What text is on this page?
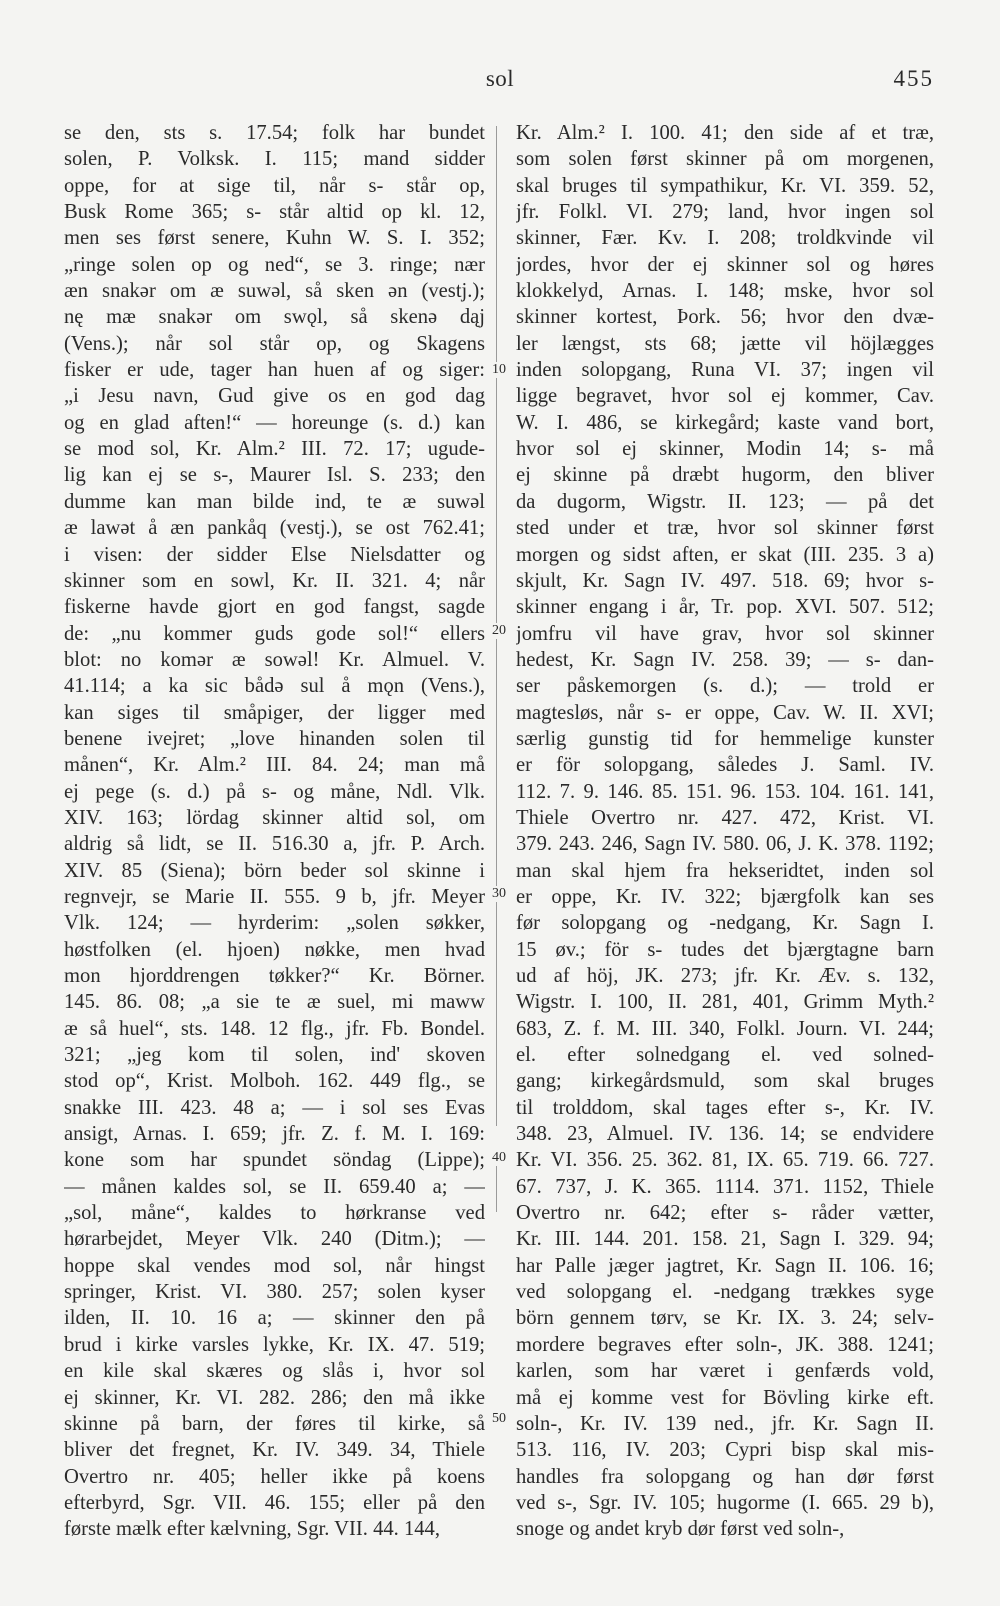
sol	455
10
20
30
40
50
se den, sts s. 17.54; folk har bundet
solen, P. Volksk. I. 115; mand sidder
oppe, for at sige til, når s- står op,
Busk Rome 365; s- står altid op kl. 12,
men ses først senere, Kuhn W. S. I. 352;
„ringe solen op og ned“, se 3. ringe; nær
æn snakər om æ suwəl, så sken ən (vestj.);
nę mæ snakər om swǫl, så skenə dąj
(Vens.); når sol står op, og Skagens
fisker er ude, tager han huen af og siger:
„i Jesu navn, Gud give os en god dag
og en glad aften!“ — horeunge (s. d.) kan
se mod sol, Kr. Alm.² III. 72. 17; ugude-
lig kan ej se s-, Maurer Isl. S. 233; den
dumme kan man bilde ind, te æ suwəl
æ lawət å æn pankåq (vestj.), se ost 762.41;
i visen: der sidder Else Nielsdatter og
skinner som en sowl, Kr. II. 321. 4; når
fiskerne havde gjort en god fangst, sagde
de: „nu kommer guds gode sol!“ ellers
blot: no komər æ sowəl! Kr. Almuel. V.
41.114; a ka sic bådə sul å mǫn (Vens.),
kan siges til småpiger, der ligger med
benene ivejret; „love hinanden solen til
månen“, Kr. Alm.² III. 84. 24; man må
ej pege (s. d.) på s- og måne, Ndl. Vlk.
XIV. 163; lördag skinner altid sol, om
aldrig så lidt, se II. 516.30 a, jfr. P. Arch.
XIV. 85 (Siena); börn beder sol skinne i
regnvejr, se Marie II. 555. 9 b, jfr. Meyer
Vlk. 124; — hyrderim: „solen søkker,
høstfolken (el. hjoen) nøkke, men hvad
mon hjorddrengen tøkker?“ Kr. Börner.
145. 86. 08; „a sie te æ suel, mi maww
æ så huel“, sts. 148. 12 flg., jfr. Fb. Bondel.
321; „jeg kom til solen, ind' skoven
stod op“, Krist. Molboh. 162. 449 flg., se
snakke III. 423. 48 a; — i sol ses Evas
ansigt, Arnas. I. 659; jfr. Z. f. M. I. 169:
kone som har spundet söndag (Lippe);
— månen kaldes sol, se II. 659.40 a; —
„sol, måne“, kaldes to hørkranse ved
hørarbejdet, Meyer Vlk. 240 (Ditm.); —
hoppe skal vendes mod sol, når hingst
springer, Krist. VI. 380. 257; solen kyser
ilden, II. 10. 16 a; — skinner den på
brud i kirke varsles lykke, Kr. IX. 47. 519;
en kile skal skæres og slås i, hvor sol
ej skinner, Kr. VI. 282. 286; den må ikke
skinne på barn, der føres til kirke, så
bliver det fregnet, Kr. IV. 349. 34, Thiele
Overtro nr. 405; heller ikke på koens
efterbyrd, Sgr. VII. 46. 155; eller på den
første mælk efter kælvning, Sgr. VII. 44. 144,
Kr. Alm.² I. 100. 41; den side af et træ,
som solen først skinner på om morgenen,
skal bruges til sympathikur, Kr. VI. 359. 52,
jfr. Folkl. VI. 279; land, hvor ingen sol
skinner, Fær. Kv. I. 208; troldkvinde vil
jordes, hvor der ej skinner sol og høres
klokkelyd, Arnas. I. 148; mske, hvor sol
skinner kortest, Þork. 56; hvor den dvæ-
ler længst, sts 68; jætte vil höjlægges
inden solopgang, Runa VI. 37; ingen vil
ligge begravet, hvor sol ej kommer, Cav.
W. I. 486, se kirkegård; kaste vand bort,
hvor sol ej skinner, Modin 14; s- må
ej skinne på dræbt hugorm, den bliver
da dugorm, Wigstr. II. 123; — på det
sted under et træ, hvor sol skinner først
morgen og sidst aften, er skat (III. 235. 3 a)
skjult, Kr. Sagn IV. 497. 518. 69; hvor s-
skinner engang i år, Tr. pop. XVI. 507. 512;
jomfru vil have grav, hvor sol skinner
hedest, Kr. Sagn IV. 258. 39; — s- dan-
ser påskemorgen (s. d.); — trold er
magtesløs, når s- er oppe, Cav. W. II. XVI;
særlig gunstig tid for hemmelige kunster
er för solopgang, således J. Saml. IV.
112. 7. 9. 146. 85. 151. 96. 153. 104. 161. 141,
Thiele Overtro nr. 427. 472, Krist. VI.
379. 243. 246, Sagn IV. 580. 06, J. K. 378. 1192;
man skal hjem fra hekseridtet, inden sol
er oppe, Kr. IV. 322; bjærgfolk kan ses
før solopgang og -nedgang, Kr. Sagn I.
15 øv.; för s- tudes det bjærgtagne barn
ud af höj, JK. 273; jfr. Kr. Æv. s. 132,
Wigstr. I. 100, II. 281, 401, Grimm Myth.²
683, Z. f. M. III. 340, Folkl. Journ. VI. 244;
el. efter solnedgang el. ved solned-
gang; kirkegårdsmuld, som skal bruges
til trolddom, skal tages efter s-, Kr. IV.
348. 23, Almuel. IV. 136. 14; se endvidere
Kr. VI. 356. 25. 362. 81, IX. 65. 719. 66. 727.
67. 737, J. K. 365. 1114. 371. 1152, Thiele
Overtro nr. 642; efter s- råder vætter,
Kr. III. 144. 201. 158. 21, Sagn I. 329. 94;
har Palle jæger jagtret, Kr. Sagn II. 106. 16;
ved solopgang el. -nedgang trækkes syge
börn gennem tørv, se Kr. IX. 3. 24; selv-
mordere begraves efter soln-, JK. 388. 1241;
karlen, som har været i genfærds vold,
må ej komme vest for Bövling kirke eft.
soln-, Kr. IV. 139 ned., jfr. Kr. Sagn II.
513. 116, IV. 203; Cypri bisp skal mis-
handles fra solopgang og han dør først
ved s-, Sgr. IV. 105; hugorme (I. 665. 29 b),
snoge og andet kryb dør først ved soln-,
